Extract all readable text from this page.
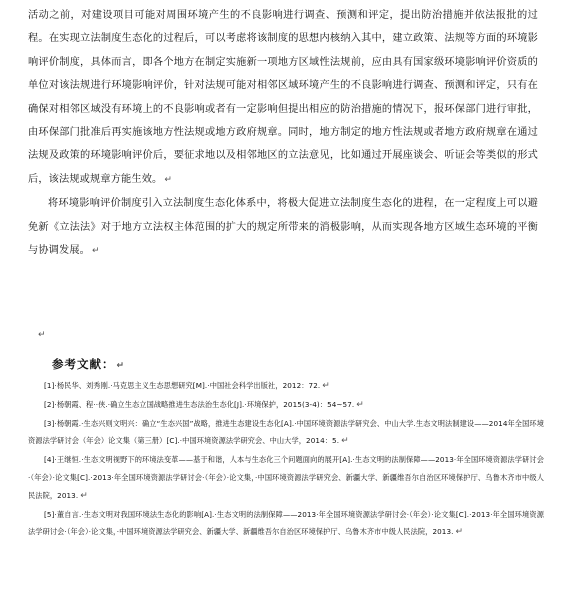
活动之前，对建设项目可能对周围环境产生的不良影响进行调查、预测和评定，提出防治措施并依法报批的过程。在实现立法制度生态化的过程后，可以考虑将该制度的思想内核纳入其中，建立政策、法规等方面的环境影响评价制度，具体而言，即各个地方在制定实施新一项地方区域性法规前，应由具有国家级环境影响评价资质的单位对该法规进行环境影响评价，针对法规可能对相邻区域环境产生的不良影响进行调查、预测和评定，只有在确保对相邻区域没有环境上的不良影响或者有一定影响但提出相应的防治措施的情况下，报环保部门进行审批，由环保部门批准后再实施该地方性法规或地方政府规章。同时，地方制定的地方性法规或者地方政府规章在通过法规及政策的环境影响评价后，要征求地以及相邻地区的立法意见，比如通过开展座谈会、听证会等类似的形式后，该法规或规章方能生效。 ↵

将环境影响评价制度引入立法制度生态化体系中，将极大促进立法制度生态化的进程，在一定程度上可以避免新《立法法》对于地方立法权主体范围的扩大的规定所带来的消极影响，从而实现各地方区域生态环境的平衡与协调发展。 ↵

↵
参考文献： ↵

[1]·杨民华、刘秀刚.·马克思主义生态思想研究[M].·中国社会科学出版社，2012：72. ↵

[2]·杨朝霞、程··侠.·确立生态立国战略推进生态法治生态化[J].·环境保护，2015(3-4)：54~57. ↵

[3]·杨朝霞.·生态兴则文明兴：确立“生态兴国”战略，推进生态建设生态化[A].·中国环境资源法学研究会、中山大学.生态文明法制建设——2014年全国环境资源法学研讨会（年会）论文集（第三册）[C].·中国环境资源法学研究会、中山大学，2014：5. ↵

[4]·王继恒.·生态文明视野下的环境法变革——基于和谐，人本与生态化三个问题面向的展开[A].·生态文明的法制保障——2013·年全国环境资源法学研讨会·（年会）·论文集[C].·2013·年全国环境资源法学研讨会·（年会）·论文集，·中国环境资源法学研究会、新疆大学、新疆维吾尔自治区环境保护厅、乌鲁木齐市中级人民法院，2013. ↵

[5]·董自言.·生态文明对我国环境法生态化的影响[A].·生态文明的法制保障——2013·年全国环境资源法学研讨会·（年会）·论文集[C].·2013·年全国环境资源法学研讨会·（年会）·论文集，·中国环境资源法学研究会、新疆大学、新疆维吾尔自治区环境保护厅、乌鲁木齐市中级人民法院，2013. ↵
